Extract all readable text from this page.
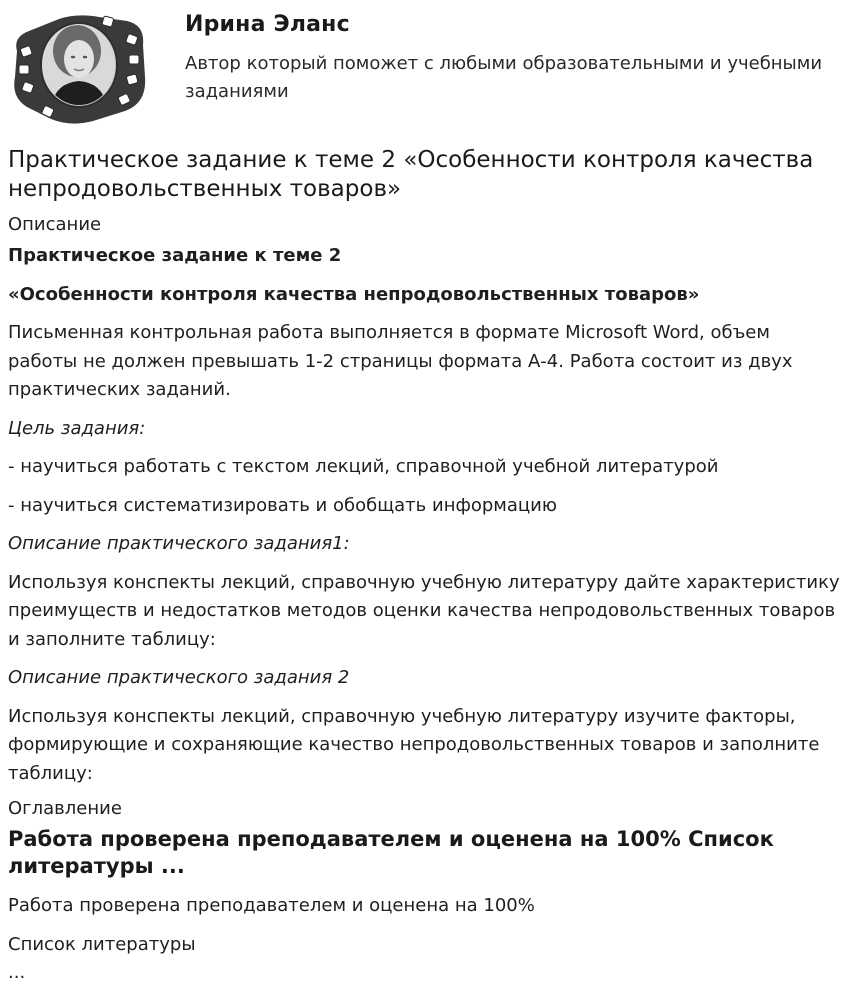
Ирина Эланс
Автор который поможет с любыми образовательными и учебными заданиями
Практическое задание к теме 2 «Особенности контроля качества непродовольственных товаров»
Описание

Практическое задание к теме 2

«Особенности контроля качества непродовольственных товаров»

Письменная контрольная работа выполняется в формате Microsoft Word, объем работы не должен превышать 1-2 страницы формата А-4. Работа состоит из двух практических заданий.

Цель задания:

- научиться работать с текстом лекций, справочной учебной литературой

- научиться систематизировать и обобщать информацию

Описание практического задания1:

Используя конспекты лекций, справочную учебную литературу дайте характеристику преимуществ и недостатков методов оценки качества непродовольственных товаров и заполните таблицу:

Описание практического задания 2

Используя конспекты лекций, справочную учебную литературу изучите факторы, формирующие и сохраняющие качество непродовольственных товаров и заполните таблицу:

Оглавление
Работа проверена преподавателем и оценена на 100% Список литературы ...

Работа проверена преподавателем и оценена на 100%

Список литературы

...
